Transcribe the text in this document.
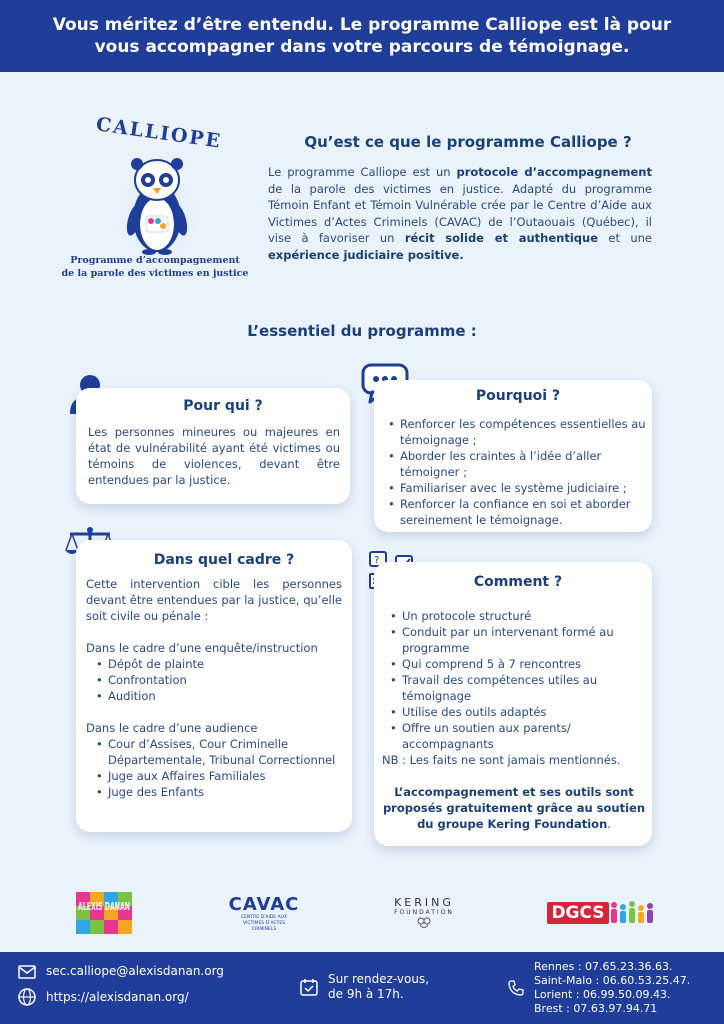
Vous méritez d’être entendu. Le programme Calliope est là pour vous accompagner dans votre parcours de témoignage.
CALLIOPE
Programme d’accompagnement
de la parole des victimes en justice
Qu’est ce que le programme Calliope ?
Le programme Calliope est un protocole d’accompagnement de la parole des victimes en justice. Adapté du programme Témoin Enfant et Témoin Vulnérable crée par le Centre d’Aide aux Victimes d’Actes Criminels (CAVAC) de l’Outaouais (Québec), il vise à favoriser un récit solide et authentique et une expérience judiciaire positive.
L’essentiel du programme :
Pour qui ?

Les personnes mineures ou majeures en état de vulnérabilité ayant été victimes ou témoins de violences, devant être entendues par la justice.

Pourquoi ?
• Renforcer les compétences essentielles au témoignage ;
• Aborder les craintes à l’idée d’aller témoigner ;
• Familiariser avec le système judiciaire ;
• Renforcer la confiance en soi et aborder sereinement le témoignage.
Dans quel cadre ?

Cette intervention cible les personnes devant être entendues par la justice, qu’elle soit civile ou pénale :

Dans le cadre d’une enquête/instruction

• Dépôt de plainte
• Confrontation
• Audition

Dans le cadre d’une audience

• Cour d’Assises, Cour Criminelle Départementale, Tribunal Correctionnel
• Juge aux Affaires Familiales
• Juge des Enfants
?
Comment ?
• Un protocole structuré
• Conduit par un intervenant formé au programme
• Qui comprend 5 à 7 rencontres
• Travail des compétences utiles au témoignage
• Utilise des outils adaptés
• Offre un soutien aux parents/ accompagnants

NB : Les faits ne sont jamais mentionnés.

L’accompagnement et ses outils sont proposés gratuitement grâce au soutien du groupe Kering Foundation.

ALEXIS DANAN	CAVAC
CENTRE D’AIDE AUX VICTIMES D’ACTES CRIMINELS
KERING
FOUNDATION	DGCS
sec.calliope@alexisdanan.org
https://alexisdanan.org/
Sur rendez-vous,
de 9h à 17h.
Rennes : 07.65.23.36.63.
Saint-Malo : 06.60.53.25.47.
Lorient : 06.99.50.09.43.
Brest : 07.63.97.94.71
